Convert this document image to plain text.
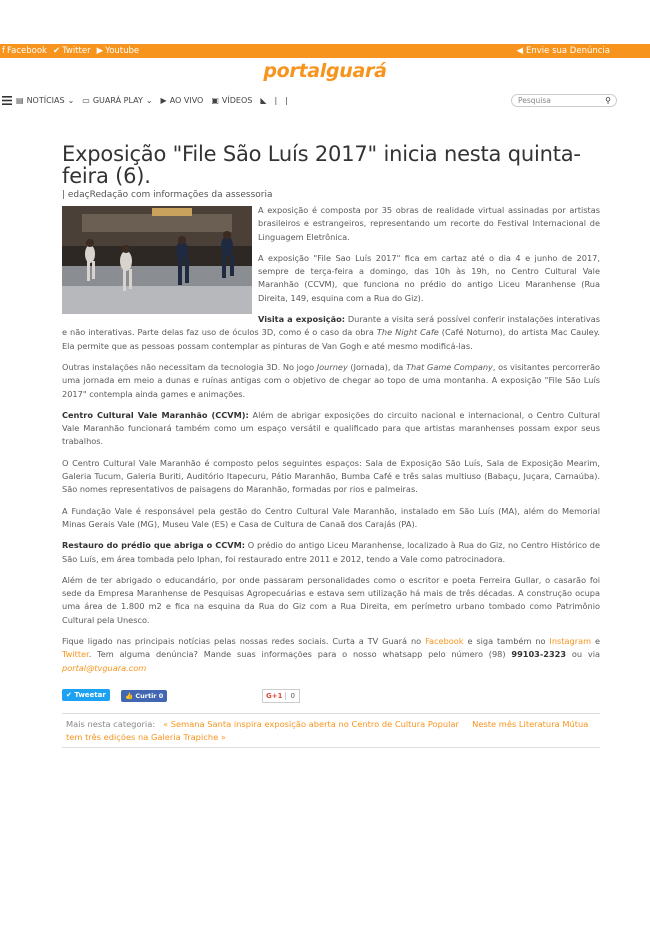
f Facebook ✔ Twitter ▶ Youtube	◀ Envie sua Denúncia
portalguará
▤ NOTÍCIAS ⌄ ▭ GUARÁ PLAY ⌄ ▶ AO VIVO ▣ VÍDEOS ◣ | |	Pesquisa	⚲
Exposição "File São Luís 2017" inicia nesta quinta- feira (6).
| edaçRedação com informações da assessoria

A exposição é composta por 35 obras de realidade virtual assinadas por artistas brasileiros e estrangeiros, representando um recorte do Festival Internacional de Linguagem Eletrônica.

A exposição "File Sao Luís 2017" fica em cartaz até o dia 4 e junho de 2017, sempre de terça-feira a domingo, das 10h às 19h, no Centro Cultural Vale Maranhão (CCVM), que funciona no prédio do antigo Liceu Maranhense (Rua Direita, 149, esquina com a Rua do Giz).

Visita a exposição: Durante a visita será possível conferir instalações interativas e não interativas. Parte delas faz uso de óculos 3D, como é o caso da obra The Night Cafe (Café Noturno), do artista Mac Cauley. Ela permite que as pessoas possam contemplar as pinturas de Van Gogh e até mesmo modificá-las.

Outras instalações não necessitam da tecnologia 3D. No jogo Journey (Jornada), da That Game Company, os visitantes percorrerão uma jornada em meio a dunas e ruínas antigas com o objetivo de chegar ao topo de uma montanha. A exposição "File São Luís 2017" contempla ainda games e animações.

Centro Cultural Vale Maranhão (CCVM): Além de abrigar exposições do circuito nacional e internacional, o Centro Cultural Vale Maranhão funcionará também como um espaço versátil e qualificado para que artistas maranhenses possam expor seus trabalhos.

O Centro Cultural Vale Maranhão é composto pelos seguintes espaços: Sala de Exposição São Luís, Sala de Exposição Mearim, Galeria Tucum, Galeria Buriti, Auditório Itapecuru, Pátio Maranhão, Bumba Café e três salas multiuso (Babaçu, Juçara, Carnaúba). São nomes representativos de paisagens do Maranhão, formadas por rios e palmeiras.

A Fundação Vale é responsável pela gestão do Centro Cultural Vale Maranhão, instalado em São Luís (MA), além do Memorial Minas Gerais Vale (MG), Museu Vale (ES) e Casa de Cultura de Canaã dos Carajás (PA).

Restauro do prédio que abriga o CCVM: O prédio do antigo Liceu Maranhense, localizado à Rua do Giz, no Centro Histórico de São Luís, em área tombada pelo Iphan, foi restaurado entre 2011 e 2012, tendo a Vale como patrocinadora.

Além de ter abrigado o educandário, por onde passaram personalidades como o escritor e poeta Ferreira Gullar, o casarão foi sede da Empresa Maranhense de Pesquisas Agropecuárias e estava sem utilização há mais de três décadas. A construção ocupa uma área de 1.800 m2 e fica na esquina da Rua do Giz com a Rua Direita, em perímetro urbano tombado como Patrimônio Cultural pela Unesco.

Fique ligado nas principais notícias pelas nossas redes sociais. Curta a TV Guará no Facebook e siga também no Instagram e Twitter. Tem alguma denúncia? Mande suas informações para o nosso whatsapp pelo número (98) 99103-2323 ou via portal@tvguara.com

✔ Tweetar	👍 Curtir 0	G+1	0
Mais nesta categoria: « Semana Santa inspira exposição aberta no Centro de Cultura Popular Neste mês Literatura Mútua tem três edições na Galeria Trapiche »
